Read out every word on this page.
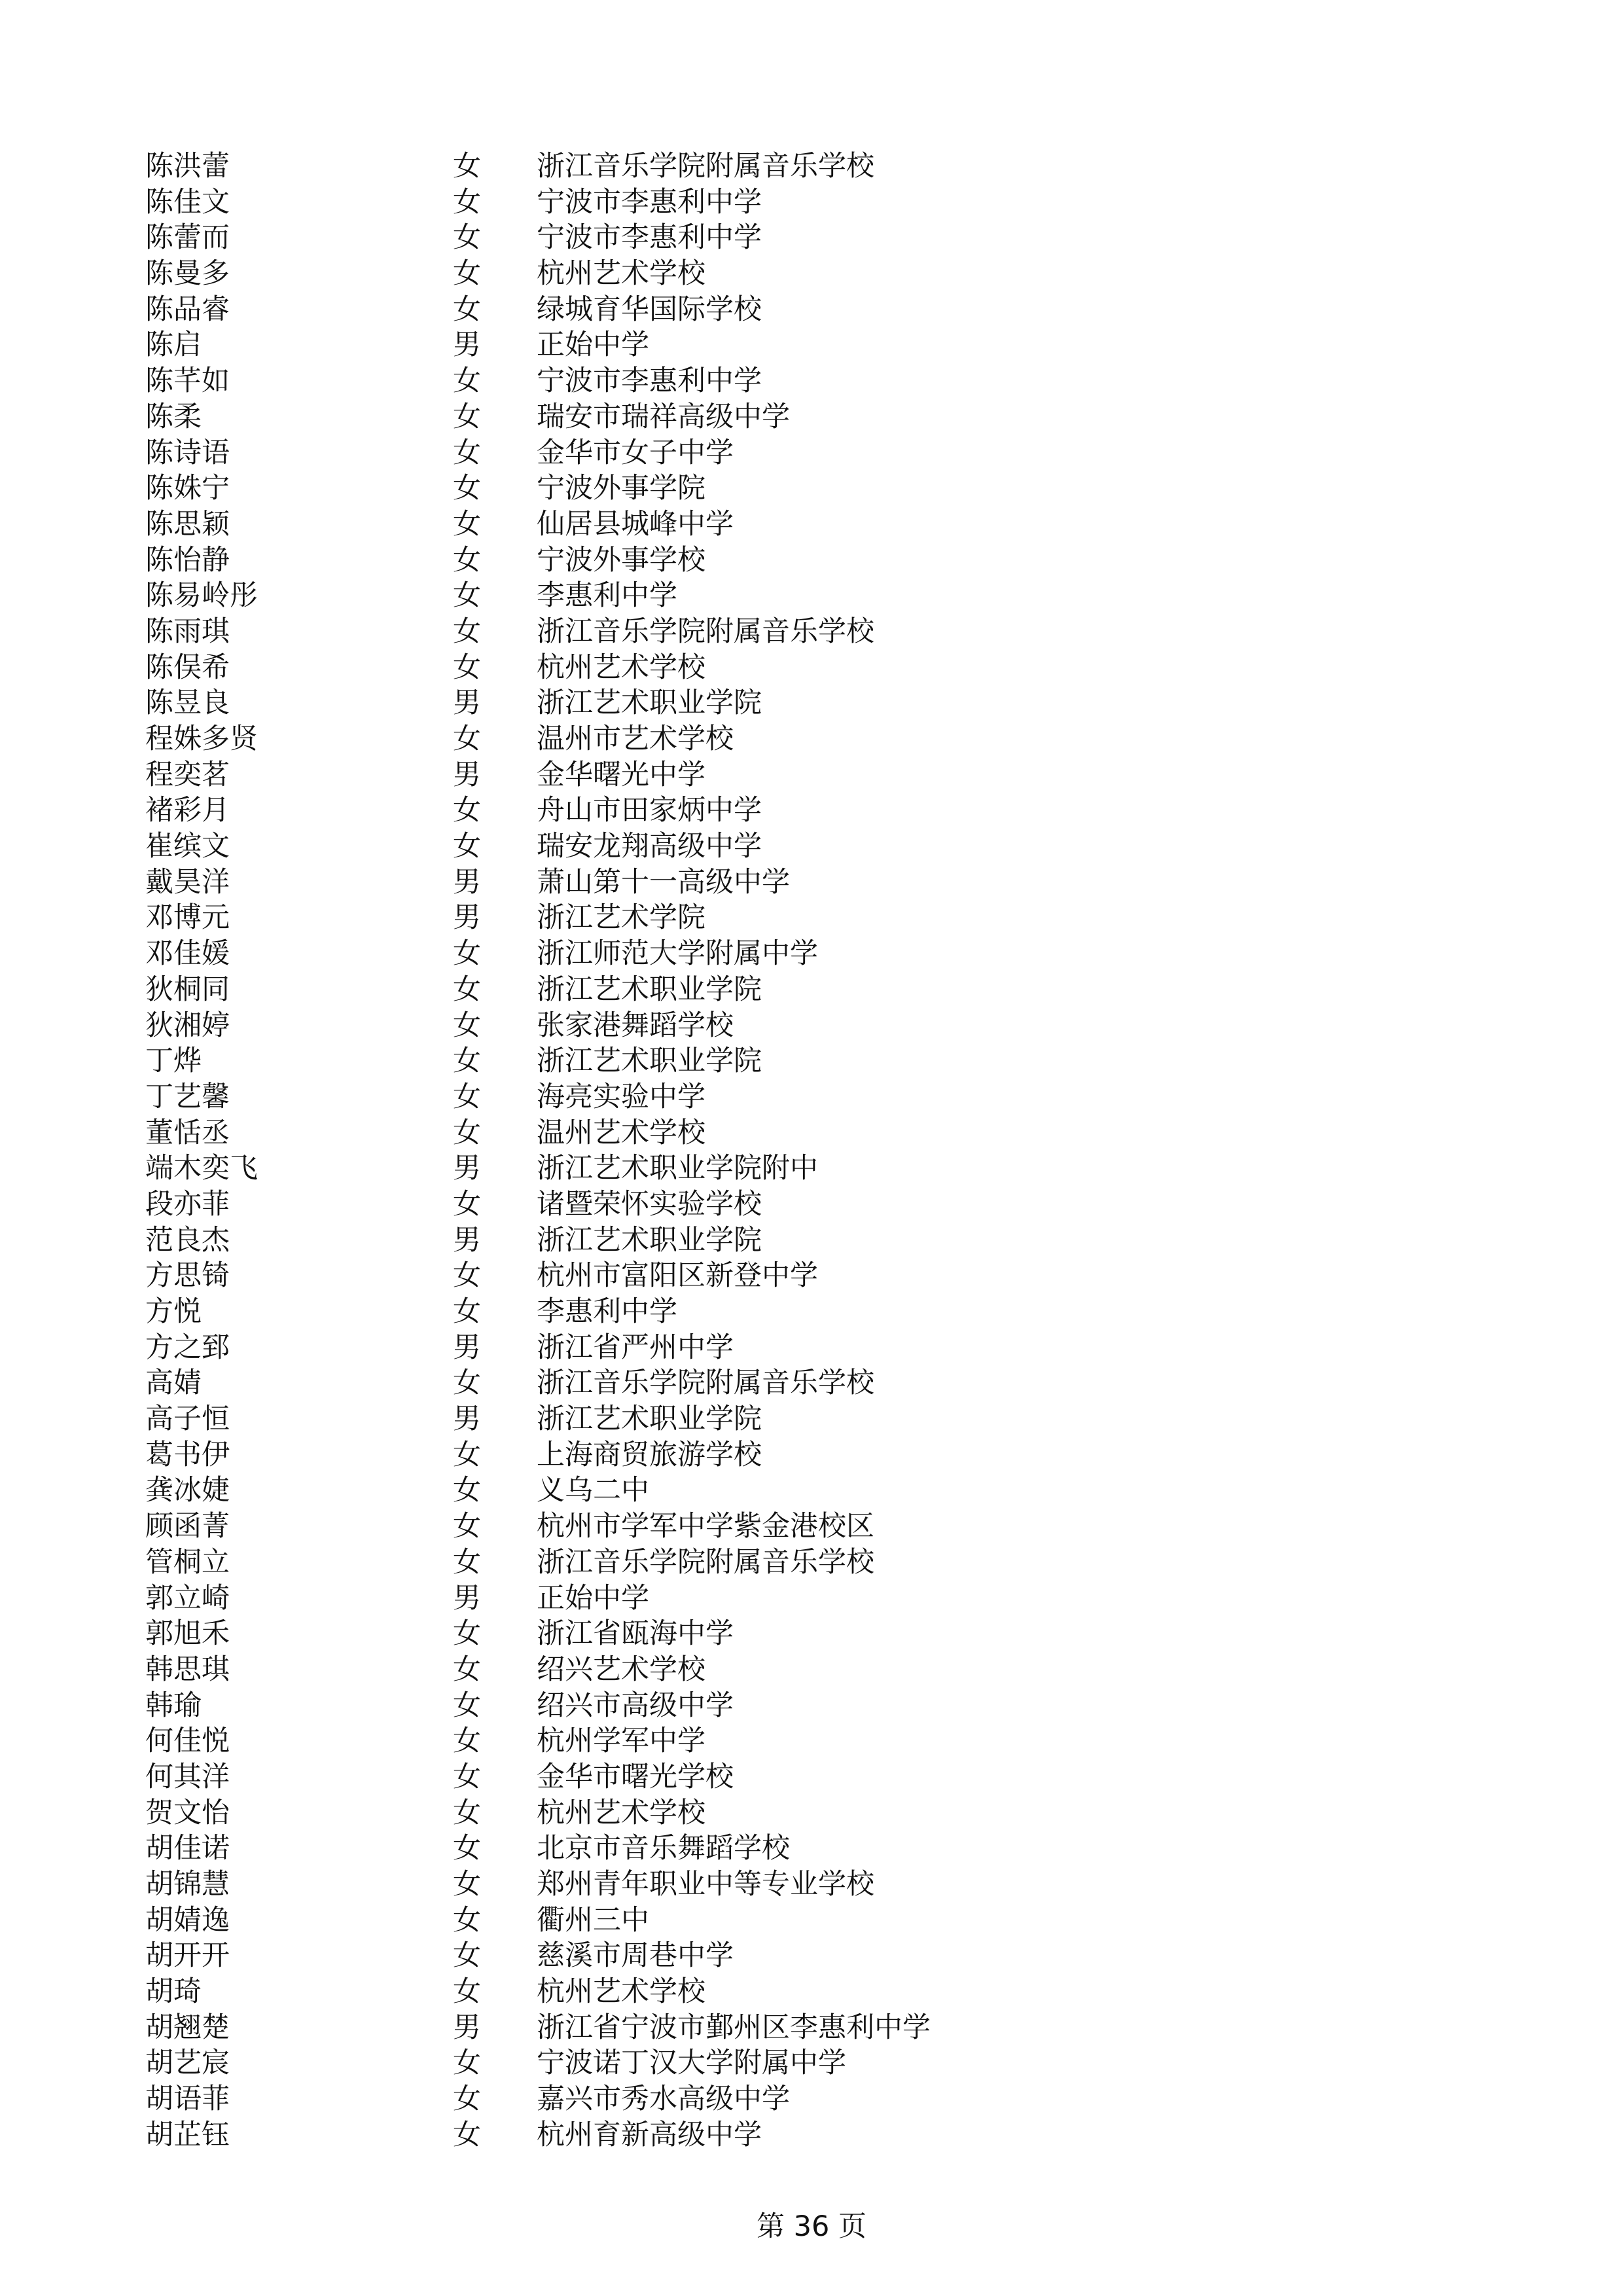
陈洪蕾	女 浙江音乐学院附属音乐学校
陈佳文	女 宁波市李惠利中学
陈蕾而	女 宁波市李惠利中学
陈曼多	女 杭州艺术学校
陈品睿	女 绿城育华国际学校
陈启	男 正始中学
陈芊如	女 宁波市李惠利中学
陈柔	女 瑞安市瑞祥高级中学
陈诗语	女 金华市女子中学
陈姝宁	女 宁波外事学院
陈思颖	女 仙居县城峰中学
陈怡静	女 宁波外事学校
陈易岭彤	女 李惠利中学
陈雨琪	女 浙江音乐学院附属音乐学校
陈俣希	女 杭州艺术学校
陈昱良	男 浙江艺术职业学院
程姝多贤	女 温州市艺术学校
程奕茗	男 金华曙光中学
褚彩月	女 舟山市田家炳中学
崔缤文	女 瑞安龙翔高级中学
戴昊洋	男 萧山第十一高级中学
邓博元	男 浙江艺术学院
邓佳媛	女 浙江师范大学附属中学
狄桐同	女 浙江艺术职业学院
狄湘婷	女 张家港舞蹈学校
丁烨	女 浙江艺术职业学院
丁艺馨	女 海亮实验中学
董恬丞	女 温州艺术学校
端木奕飞	男 浙江艺术职业学院附中
段亦菲	女 诸暨荣怀实验学校
范良杰	男 浙江艺术职业学院
方思锜	女 杭州市富阳区新登中学
方悦	女 李惠利中学
方之郅	男 浙江省严州中学
高婧	女 浙江音乐学院附属音乐学校
高子恒	男 浙江艺术职业学院
葛书伊	女 上海商贸旅游学校
龚冰婕	女 义乌二中
顾函菁	女 杭州市学军中学紫金港校区
管桐立	女 浙江音乐学院附属音乐学校
郭立崎	男 正始中学
郭旭禾	女 浙江省瓯海中学
韩思琪	女 绍兴艺术学校
韩瑜	女 绍兴市高级中学
何佳悦	女 杭州学军中学
何其洋	女 金华市曙光学校
贺文怡	女 杭州艺术学校
胡佳诺	女 北京市音乐舞蹈学校
胡锦慧	女 郑州青年职业中等专业学校
胡婧逸	女 衢州三中
胡开开	女 慈溪市周巷中学
胡琦	女 杭州艺术学校
胡翘楚	男 浙江省宁波市鄞州区李惠利中学
胡艺宸	女 宁波诺丁汉大学附属中学
胡语菲	女 嘉兴市秀水高级中学
胡芷钰	女 杭州育新高级中学
第 36 页
